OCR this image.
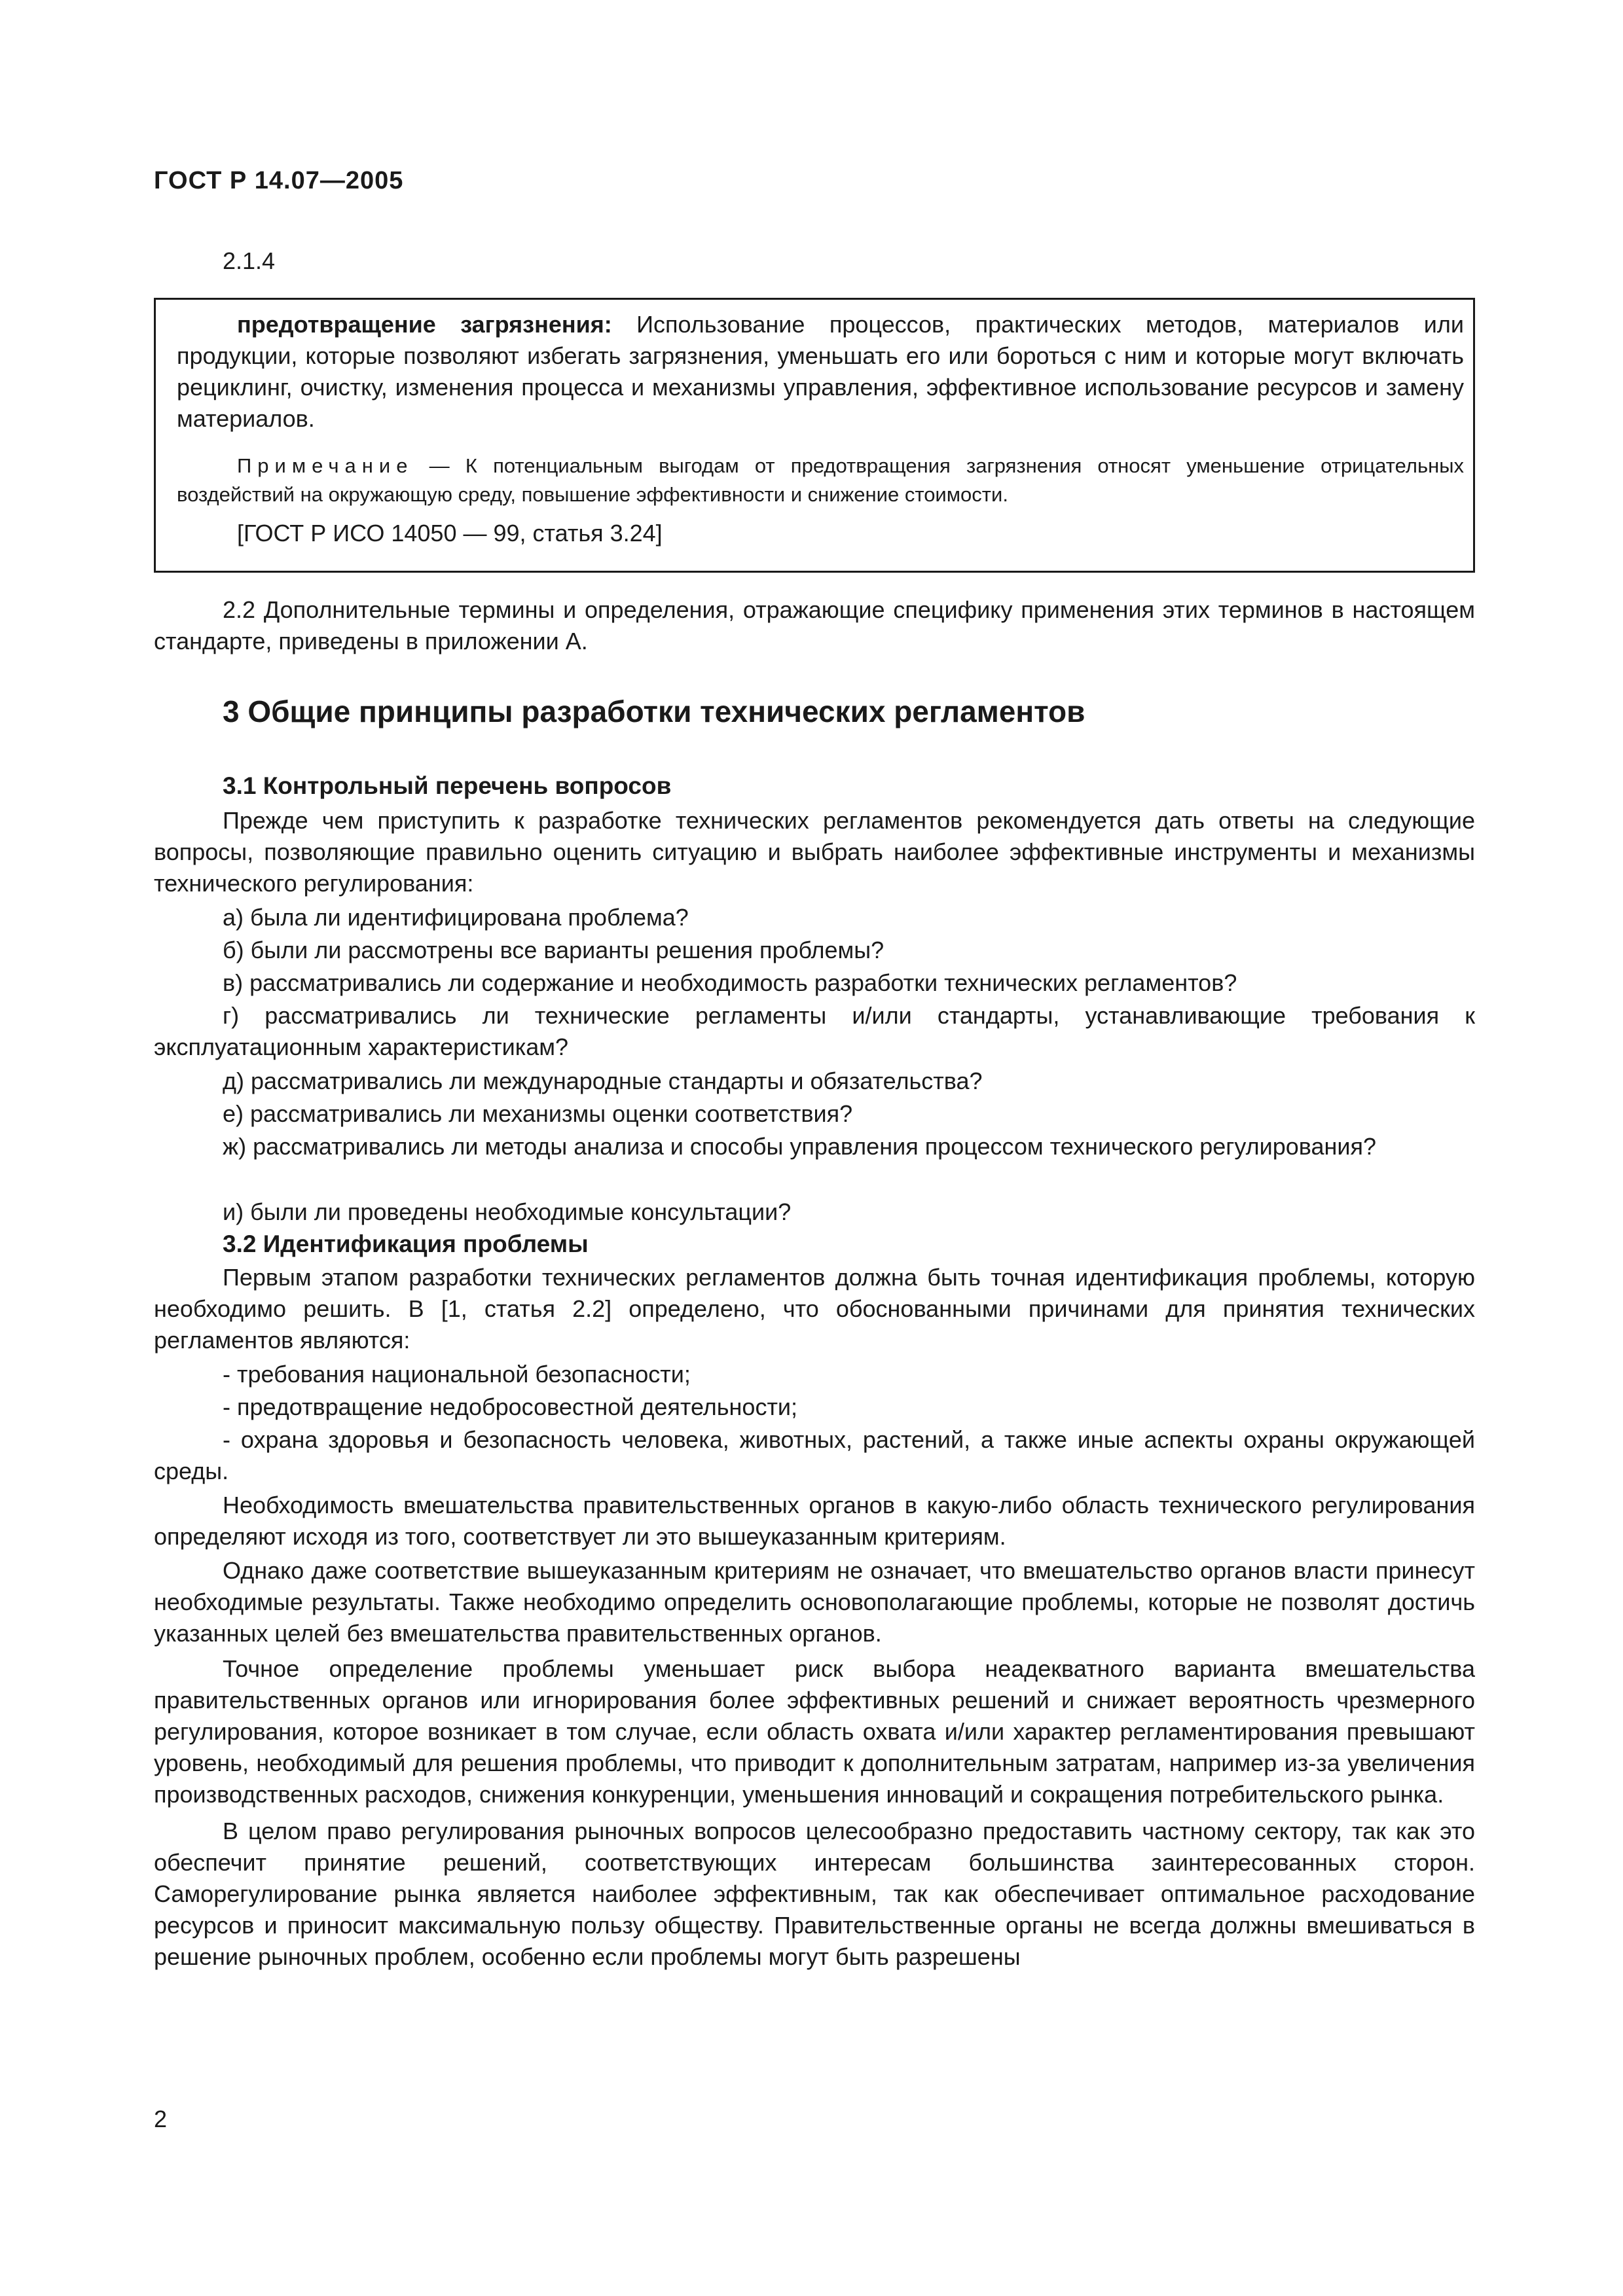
ГОСТ Р 14.07—2005
2.1.4

предотвращение загрязнения: Использование процессов, практических методов, материалов или продукции, которые позволяют избегать загрязнения, уменьшать его или бороться с ним и которые могут включать рециклинг, очистку, изменения процесса и механизмы управления, эффективное использование ресурсов и замену материалов.

Примечание — К потенциальным выгодам от предотвращения загрязнения относят уменьшение отрицательных воздействий на окружающую среду, повышение эффективности и снижение стоимости.

[ГОСТ Р ИСО 14050 — 99, статья 3.24]

2.2 Дополнительные термины и определения, отражающие специфику применения этих терминов в настоящем стандарте, приведены в приложении А.

3 Общие принципы разработки технических регламентов
3.1 Контрольный перечень вопросов

Прежде чем приступить к разработке технических регламентов рекомендуется дать ответы на следующие вопросы, позволяющие правильно оценить ситуацию и выбрать наиболее эффективные инструменты и механизмы технического регулирования:

а) была ли идентифицирована проблема?

б) были ли рассмотрены все варианты решения проблемы?

в) рассматривались ли содержание и необходимость разработки технических регламентов?

г) рассматривались ли технические регламенты и/или стандарты, устанавливающие требования к эксплуатационным характеристикам?

д) рассматривались ли международные стандарты и обязательства?

е) рассматривались ли механизмы оценки соответствия?

ж) рассматривались ли методы анализа и способы управления процессом технического регулирования?

и) были ли проведены необходимые консультации?

3.2 Идентификация проблемы

Первым этапом разработки технических регламентов должна быть точная идентификация проблемы, которую необходимо решить. В [1, статья 2.2] определено, что обоснованными причинами для принятия технических регламентов являются:

- требования национальной безопасности;

- предотвращение недобросовестной деятельности;

- охрана здоровья и безопасность человека, животных, растений, а также иные аспекты охраны окружающей среды.

Необходимость вмешательства правительственных органов в какую-либо область технического регулирования определяют исходя из того, соответствует ли это вышеуказанным критериям.

Однако даже соответствие вышеуказанным критериям не означает, что вмешательство органов власти принесут необходимые результаты. Также необходимо определить основополагающие проблемы, которые не позволят достичь указанных целей без вмешательства правительственных органов.

Точное определение проблемы уменьшает риск выбора неадекватного варианта вмешательства правительственных органов или игнорирования более эффективных решений и снижает вероятность чрезмерного регулирования, которое возникает в том случае, если область охвата и/или характер регламентирования превышают уровень, необходимый для решения проблемы, что приводит к дополнительным затратам, например из-за увеличения производственных расходов, снижения конкуренции, уменьшения инноваций и сокращения потребительского рынка.

В целом право регулирования рыночных вопросов целесообразно предоставить частному сектору, так как это обеспечит принятие решений, соответствующих интересам большинства заинтересованных сторон. Саморегулирование рынка является наиболее эффективным, так как обеспечивает оптимальное расходование ресурсов и приносит максимальную пользу обществу. Правительственные органы не всегда должны вмешиваться в решение рыночных проблем, особенно если проблемы могут быть разрешены

2
